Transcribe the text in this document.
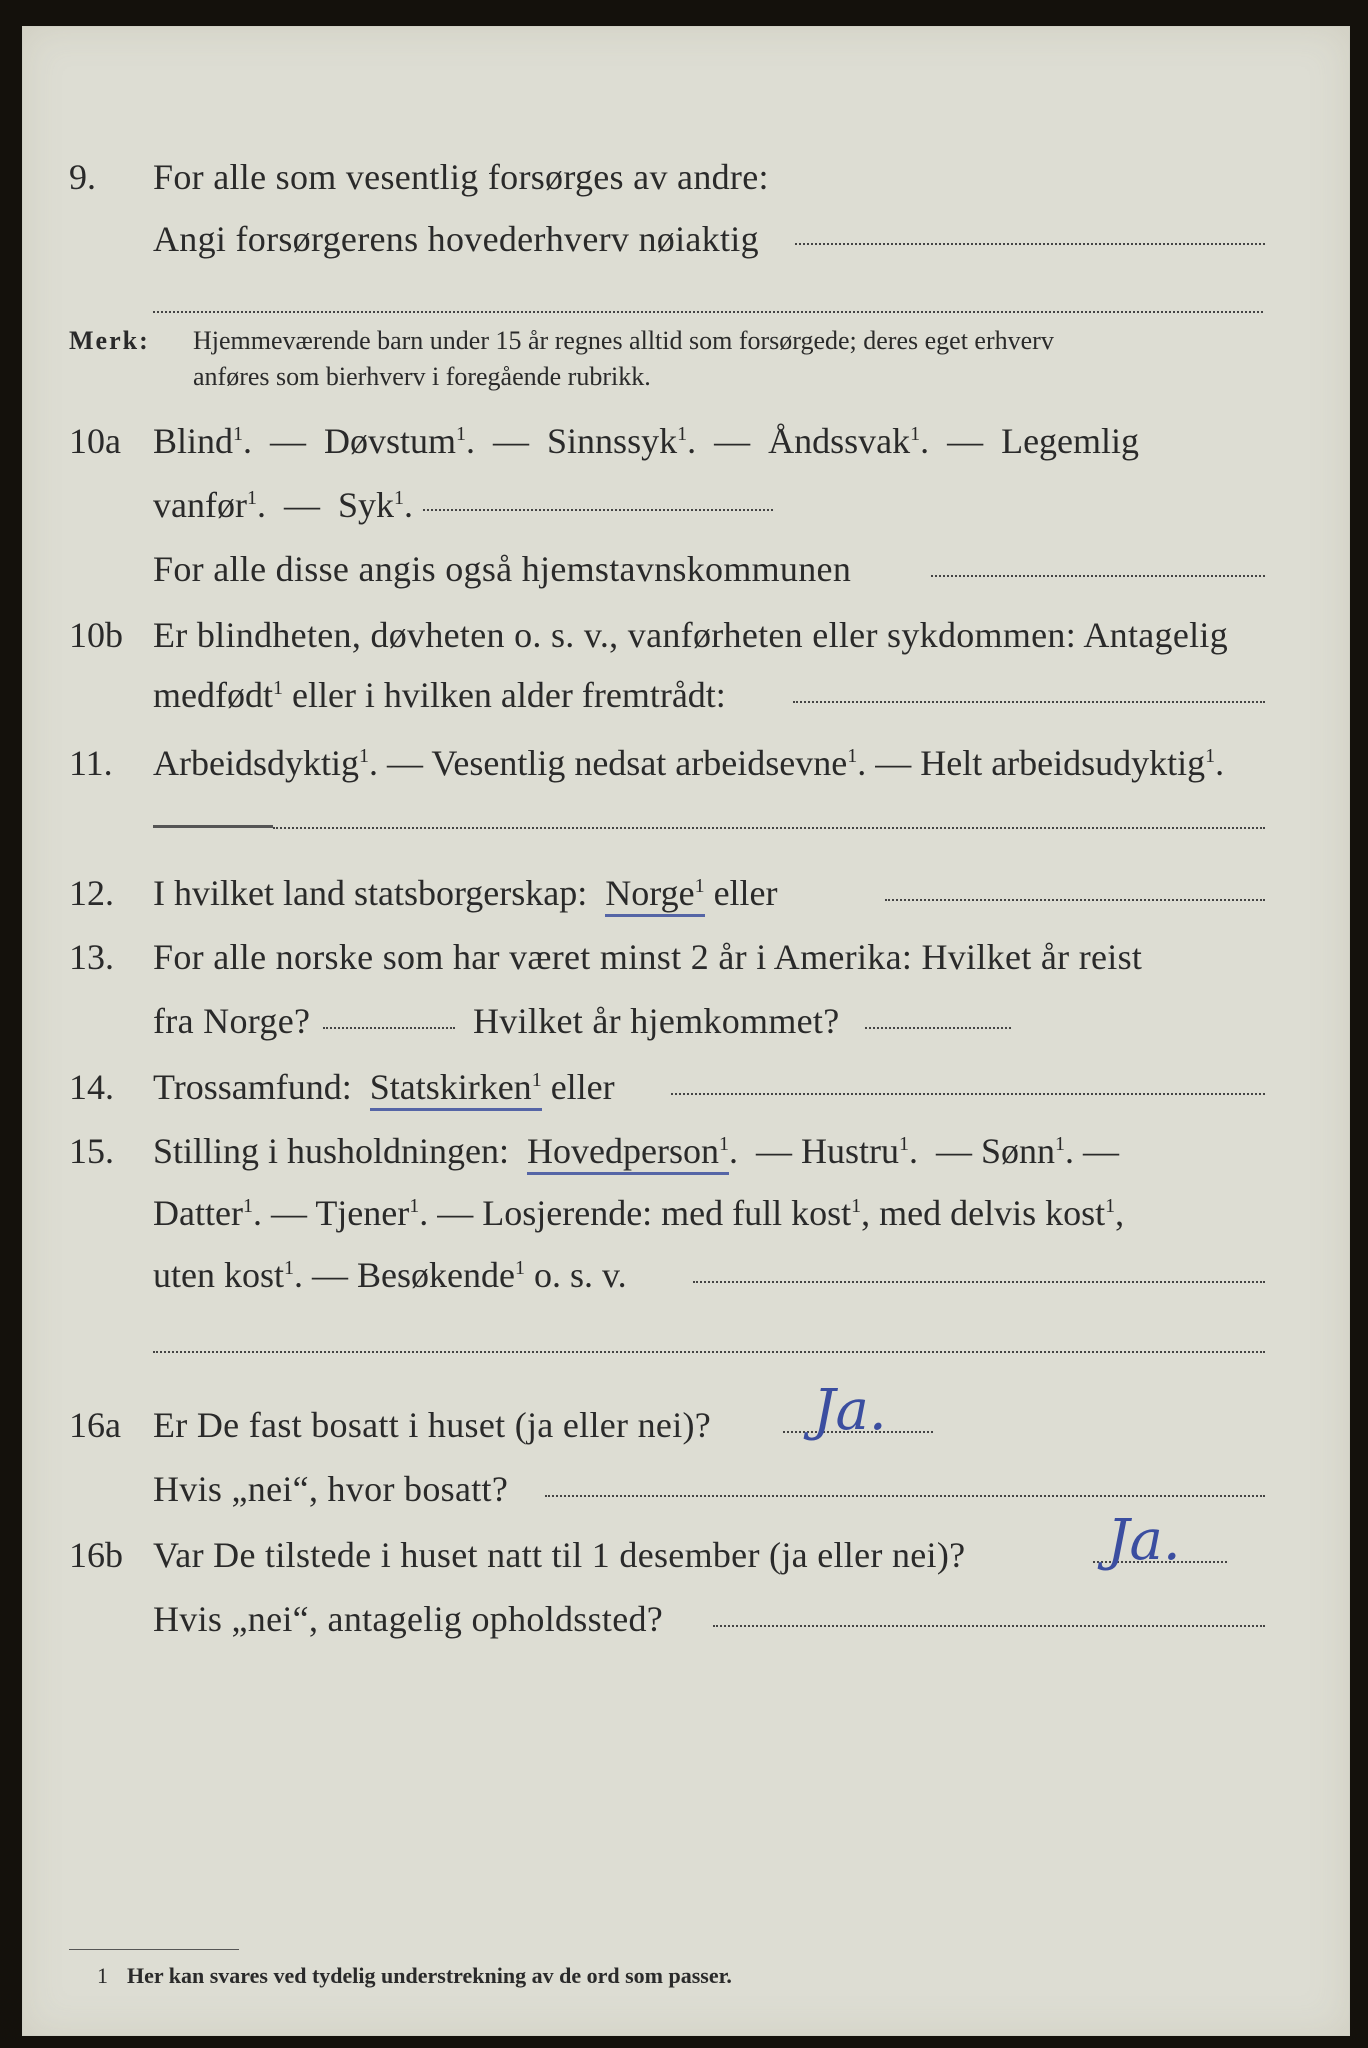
9. For alle som vesentlig forsørges av andre:
Angi forsørgerens hovederhverv nøiaktig
Merk: Hjemmeværende barn under 15 år regnes alltid som forsørgede; deres eget erhverv
anføres som bierhverv i foregående rubrikk.
10a Blind$^1$.  —  Døvstum$^1$.  —  Sinnssyk$^1$.  —  Åndssvak$^1$.  —  Legemlig
vanfør$^1$.  —  Syk$^1$.
For alle disse angis også hjemstavnskommunen
10b Er blindheten, døvheten o. s. v., vanførheten eller sykdommen: Antagelig
medfødt$^1$ eller i hvilken alder fremtrådt:
11. Arbeidsdyktig$^1$. — Vesentlig nedsat arbeidsevne$^1$. — Helt arbeidsudyktig$^1$.
12. I hvilket land statsborgerskap: Norge$^1$ eller
13. For alle norske som har været minst 2 år i Amerika: Hvilket år reist
fra Norge?	Hvilket år hjemkommet?
14. Trossamfund: Statskirken$^1$ eller
15. Stilling i husholdningen: Hovedperson$^1$.  — Hustru$^1$.  — Sønn$^1$. —
Datter$^1$. — Tjener$^1$. — Losjerende: med full kost$^1$, med delvis kost$^1$,
uten kost$^1$. — Besøkende$^1$ o. s. v.
16a Er De fast bosatt i huset (ja eller nei)? Ja.
Hvis „nei“, hvor bosatt?
16b Var De tilstede i huset natt til 1 desember (ja eller nei)?	Ja.
Hvis „nei“, antagelig opholdssted?
1 Her kan svares ved tydelig understrekning av de ord som passer.
